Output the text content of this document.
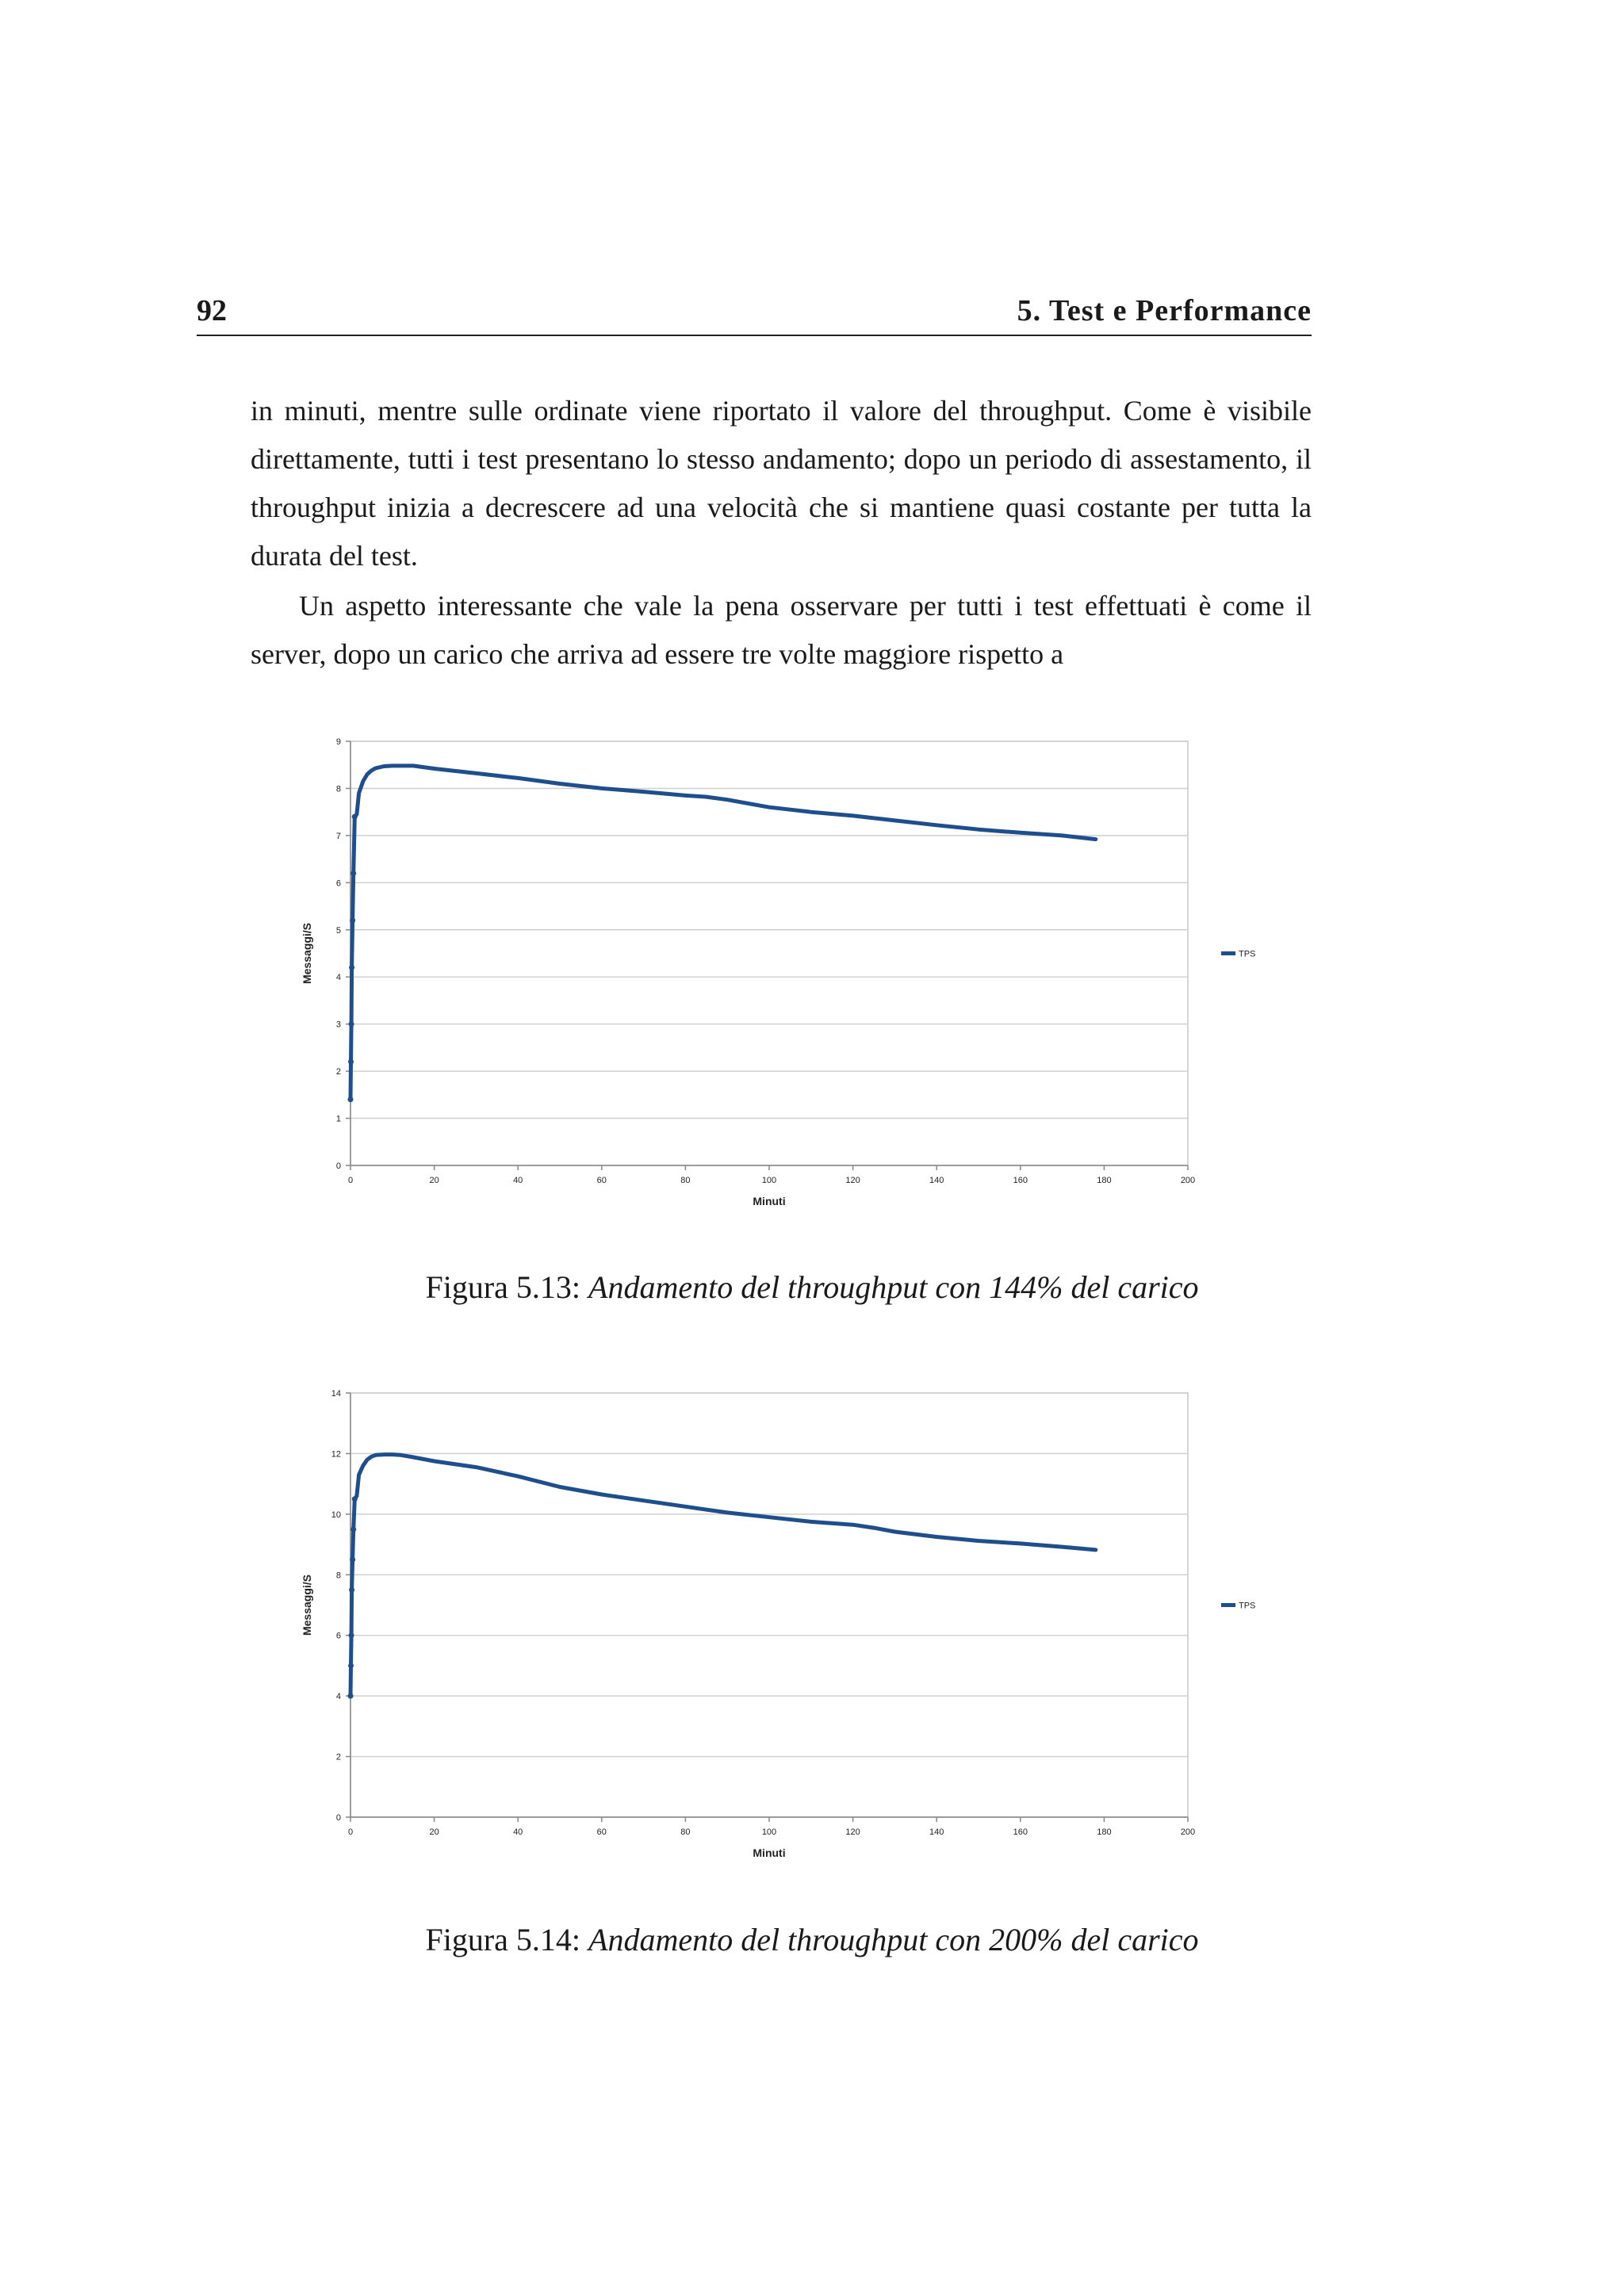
92	5. Test e Performance

in minuti, mentre sulle ordinate viene riportato il valore del throughput. Come è visibile direttamente, tutti i test presentano lo stesso andamento; dopo un periodo di assestamento, il throughput inizia a decrescere ad una velocità che si mantiene quasi costante per tutta la durata del test.

Un aspetto interessante che vale la pena osservare per tutti i test effettuati è come il server, dopo un carico che arriva ad essere tre volte maggiore rispetto a

0
1
2
3
4
5
6
7
8
9
0	20	40	60	80	100	120	140	160	180	200
Minuti
Messaggi/S	TPS
Figura 5.13: Andamento del throughput con 144% del carico
0
2
4
6
8
10
12
14
0	20	40	60	80	100	120	140	160	180	200
Minuti
Messaggi/S	TPS
Figura 5.14: Andamento del throughput con 200% del carico
